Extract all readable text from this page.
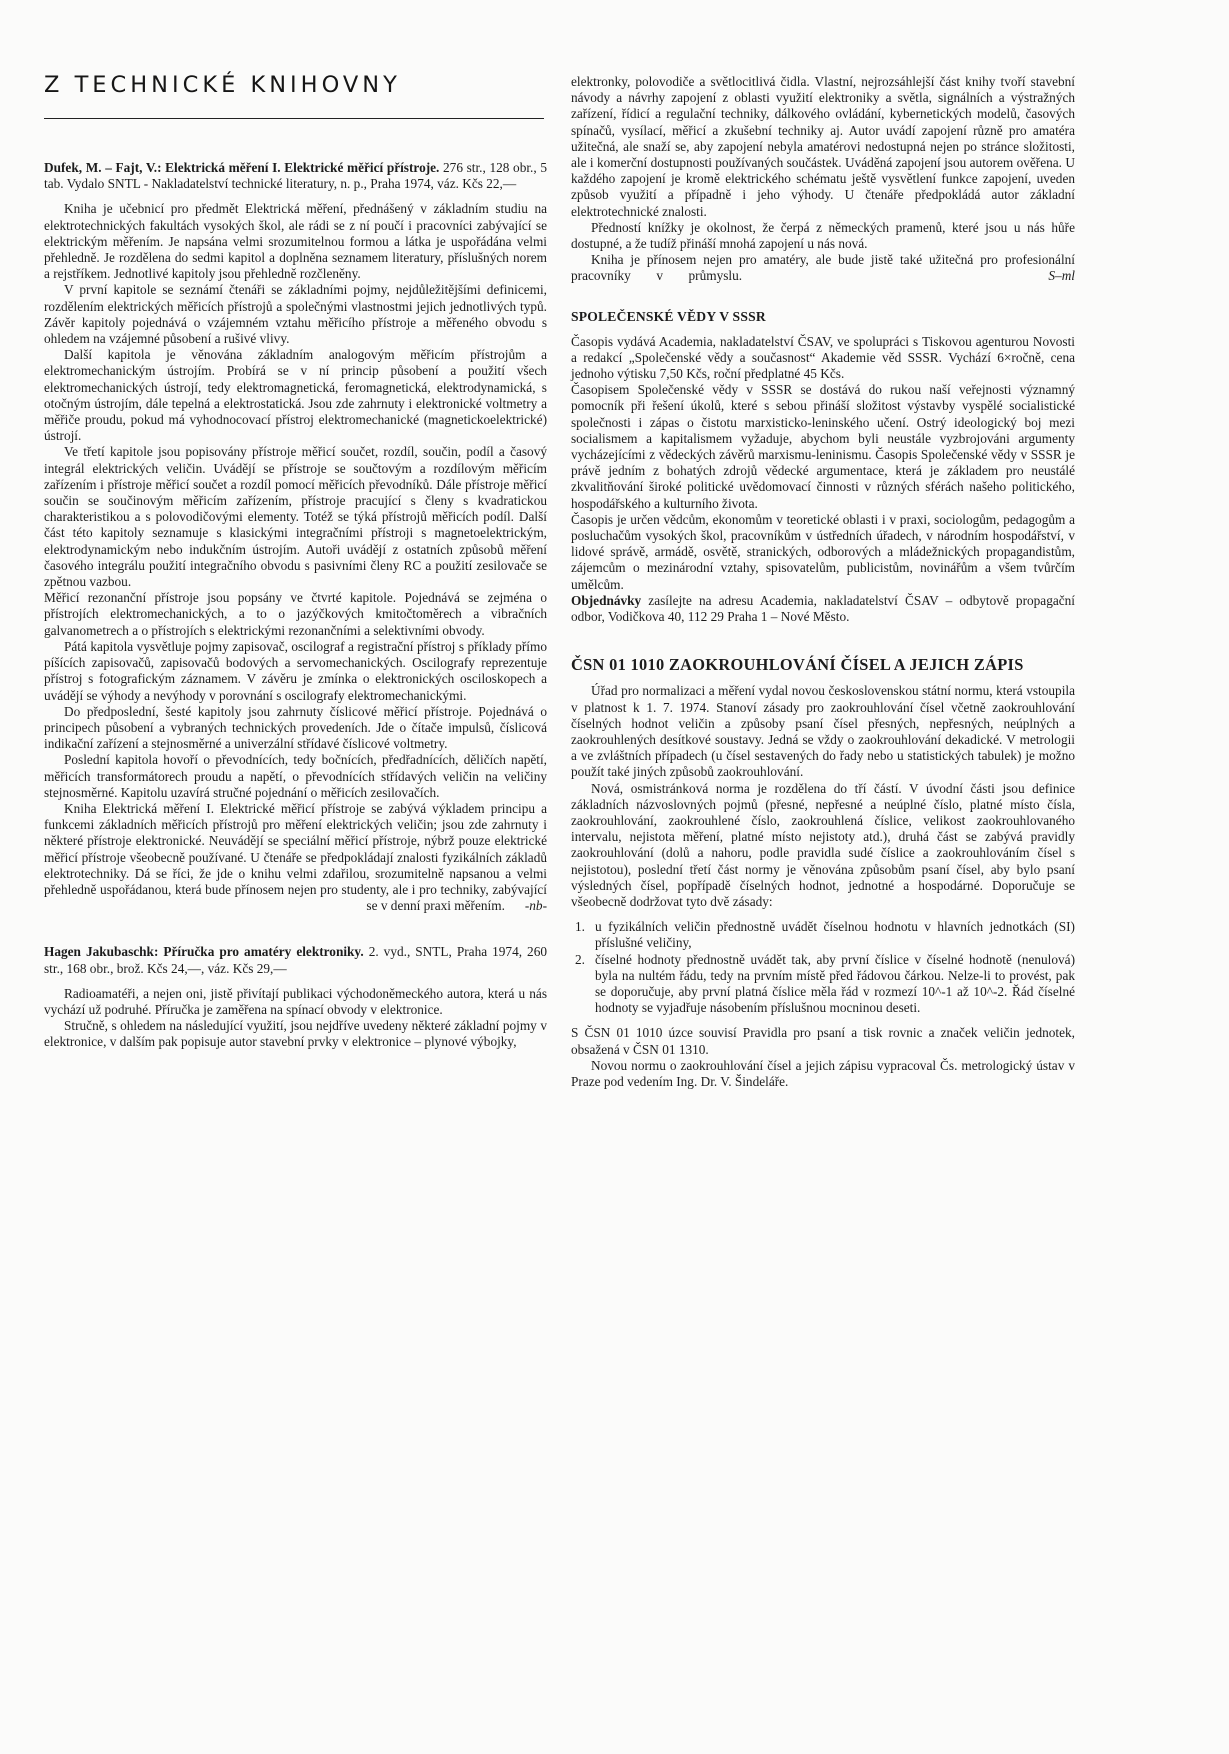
Z TECHNICKÉ KNIHOVNY

Dufek, M. – Fajt, V.: Elektrická měření I. Elektrické měřicí přístroje. 276 str., 128 obr., 5 tab. Vydalo SNTL - Nakladatelství technické literatury, n. p., Praha 1974, váz. Kčs 22,—

Kniha je učebnicí pro předmět Elektrická měření, přednášený v základním studiu na elektrotechnických fakultách vysokých škol, ale rádi se z ní poučí i pracovníci zabývající se elektrickým měřením. Je napsána velmi srozumitelnou formou a látka je uspořádána velmi přehledně. Je rozdělena do sedmi kapitol a doplněna seznamem literatury, příslušných norem a rejstříkem. Jednotlivé kapitoly jsou přehledně rozčleněny.

V první kapitole se seznámí čtenáři se základními pojmy, nejdůležitějšími definicemi, rozdělením elektrických měřicích přístrojů a společnými vlastnostmi jejich jednotlivých typů. Závěr kapitoly pojednává o vzájemném vztahu měřicího přístroje a měřeného obvodu s ohledem na vzájemné působení a rušivé vlivy.

Další kapitola je věnována základním analogovým měřicím přístrojům a elektromechanickým ústrojím. Probírá se v ní princip působení a použití všech elektromechanických ústrojí, tedy elektromagnetická, feromagnetická, elektrodynamická, s otočným ústrojím, dále tepelná a elektrostatická. Jsou zde zahrnuty i elektronické voltmetry a měřiče proudu, pokud má vyhodnocovací přístroj elektromechanické (magnetickoelektrické) ústrojí.

Ve třetí kapitole jsou popisovány přístroje měřicí součet, rozdíl, součin, podíl a časový integrál elektrických veličin. Uvádějí se přístroje se součtovým a rozdílovým měřicím zařízením i přístroje měřicí součet a rozdíl pomocí měřicích převodníků. Dále přístroje měřicí součin se součinovým měřicím zařízením, přístroje pracující s členy s kvadratickou charakteristikou a s polovodičovými elementy. Totéž se týká přístrojů měřicích podíl. Další část této kapitoly seznamuje s klasickými integračními přístroji s magnetoelektrickým, elektrodynamickým nebo indukčním ústrojím. Autoři uvádějí z ostatních způsobů měření časového integrálu použití integračního obvodu s pasivními členy RC a použití zesilovače se zpětnou vazbou.

Měřicí rezonanční přístroje jsou popsány ve čtvrté kapitole. Pojednává se zejména o přístrojích elektromechanických, a to o jazýčkových kmitočtoměrech a vibračních galvanometrech a o přístrojích s elektrickými rezonančními a selektivními obvody.

Pátá kapitola vysvětluje pojmy zapisovač, oscilograf a registrační přístroj s příklady přímo píšících zapisovačů, zapisovačů bodových a servomechanických. Oscilografy reprezentuje přístroj s fotografickým záznamem. V závěru je zmínka o elektronických osciloskopech a uvádějí se výhody a nevýhody v porovnání s oscilografy elektromechanickými.

Do předposlední, šesté kapitoly jsou zahrnuty číslicové měřicí přístroje. Pojednává o principech působení a vybraných technických provedeních. Jde o čítače impulsů, číslicová indikační zařízení a stejnosměrné a univerzální střídavé číslicové voltmetry.

Poslední kapitola hovoří o převodnících, tedy bočnících, předřadnících, děličích napětí, měřicích transformátorech proudu a napětí, o převodnících střídavých veličin na veličiny stejnosměrné. Kapitolu uzavírá stručné pojednání o měřicích zesilovačích.

Kniha Elektrická měření I. Elektrické měřicí přístroje se zabývá výkladem principu a funkcemi základních měřicích přístrojů pro měření elektrických veličin; jsou zde zahrnuty i některé přístroje elektronické. Neuvádějí se speciální měřicí přístroje, nýbrž pouze elektrické měřicí přístroje všeobecně používané. U čtenáře se předpokládají znalosti fyzikálních základů elektrotechniky. Dá se říci, že jde o knihu velmi zdařilou, srozumitelně napsanou a velmi přehledně uspořádanou, která bude přínosem nejen pro studenty, ale i pro techniky, zabývající se v denní praxi měřením. -nb-

Hagen Jakubaschk: Příručka pro amatéry elektroniky. 2. vyd., SNTL, Praha 1974, 260 str., 168 obr., brož. Kčs 24,—, váz. Kčs 29,—

Radioamatéři, a nejen oni, jistě přivítají publikaci východoněmeckého autora, která u nás vychází už podruhé. Příručka je zaměřena na spínací obvody v elektronice.

Stručně, s ohledem na následující využití, jsou nejdříve uvedeny některé základní pojmy v elektronice, v dalším pak popisuje autor stavební prvky v elektronice – plynové výbojky,

elektronky, polovodiče a světlocitlivá čidla. Vlastní, nejrozsáhlejší část knihy tvoří stavební návody a návrhy zapojení z oblasti využití elektroniky a světla, signálních a výstražných zařízení, řídicí a regulační techniky, dálkového ovládání, kybernetických modelů, časových spínačů, vysílací, měřicí a zkušební techniky aj. Autor uvádí zapojení různě pro amatéra užitečná, ale snaží se, aby zapojení nebyla amatérovi nedostupná nejen po stránce složitosti, ale i komerční dostupnosti používaných součástek. Uváděná zapojení jsou autorem ověřena. U každého zapojení je kromě elektrického schématu ještě vysvětlení funkce zapojení, uveden způsob využití a případně i jeho výhody. U čtenáře předpokládá autor základní elektrotechnické znalosti.

Předností knížky je okolnost, že čerpá z německých pramenů, které jsou u nás hůře dostupné, a že tudíž přináší mnohá zapojení u nás nová.

Kniha je přínosem nejen pro amatéry, ale bude jistě také užitečná pro profesionální pracovníky v průmyslu.	S–ml

SPOLEČENSKÉ VĚDY V SSSR

Časopis vydává Academia, nakladatelství ČSAV, ve spolupráci s Tiskovou agenturou Novosti a redakcí „Společenské vědy a současnost“ Akademie věd SSSR. Vychází 6×ročně, cena jednoho výtisku 7,50 Kčs, roční předplatné 45 Kčs.

Časopisem Společenské vědy v SSSR se dostává do rukou naší veřejnosti významný pomocník při řešení úkolů, které s sebou přináší složitost výstavby vyspělé socialistické společnosti i zápas o čistotu marxisticko-leninského učení. Ostrý ideologický boj mezi socialismem a kapitalismem vyžaduje, abychom byli neustále vyzbrojováni argumenty vycházejícími z vědeckých závěrů marxismu-leninismu. Časopis Společenské vědy v SSSR je právě jedním z bohatých zdrojů vědecké argumentace, která je základem pro neustálé zkvalitňování široké politické uvědomovací činnosti v různých sférách našeho politického, hospodářského a kulturního života.

Časopis je určen vědcům, ekonomům v teoretické oblasti i v praxi, sociologům, pedagogům a posluchačům vysokých škol, pracovníkům v ústředních úřadech, v národním hospodářství, v lidové správě, armádě, osvětě, stranických, odborových a mládežnických propagandistům, zájemcům o mezinárodní vztahy, spisovatelům, publicistům, novinářům a všem tvůrčím umělcům.

Objednávky zasílejte na adresu Academia, nakladatelství ČSAV – odbytově propagační odbor, Vodičkova 40, 112 29 Praha 1 – Nové Město.

ČSN 01 1010 ZAOKROUHLOVÁNÍ ČÍSEL A JEJICH ZÁPIS

Úřad pro normalizaci a měření vydal novou československou státní normu, která vstoupila v platnost k 1. 7. 1974. Stanoví zásady pro zaokrouhlování čísel včetně zaokrouhlování číselných hodnot veličin a způsoby psaní čísel přesných, nepřesných, neúplných a zaokrouhlených desítkové soustavy. Jedná se vždy o zaokrouhlování dekadické. V metrologii a ve zvláštních případech (u čísel sestavených do řady nebo u statistických tabulek) je možno použít také jiných způsobů zaokrouhlování.

Nová, osmistránková norma je rozdělena do tří částí. V úvodní části jsou definice základních názvoslovných pojmů (přesné, nepřesné a neúplné číslo, platné místo čísla, zaokrouhlování, zaokrouhlené číslo, zaokrouhlená číslice, velikost zaokrouhlovaného intervalu, nejistota měření, platné místo nejistoty atd.), druhá část se zabývá pravidly zaokrouhlování (dolů a nahoru, podle pravidla sudé číslice a zaokrouhlováním čísel s nejistotou), poslední třetí část normy je věnována způsobům psaní čísel, aby bylo psaní výsledných čísel, popřípadě číselných hodnot, jednotné a hospodárné. Doporučuje se všeobecně dodržovat tyto dvě zásady:

1. u fyzikálních veličin přednostně uvádět číselnou hodnotu v hlavních jednotkách (SI) příslušné veličiny,
2. číselné hodnoty přednostně uvádět tak, aby první číslice v číselné hodnotě (nenulová) byla na nultém řádu, tedy na prvním místě před řádovou čárkou. Nelze-li to provést, pak se doporučuje, aby první platná číslice měla řád v rozmezí 10^-1 až 10^-2. Řád číselné hodnoty se vyjadřuje násobením příslušnou mocninou deseti.

S ČSN 01 1010 úzce souvisí Pravidla pro psaní a tisk rovnic a značek veličin jednotek, obsažená v ČSN 01 1310.

Novou normu o zaokrouhlování čísel a jejich zápisu vypracoval Čs. metrologický ústav v Praze pod vedením Ing. Dr. V. Šindeláře.
